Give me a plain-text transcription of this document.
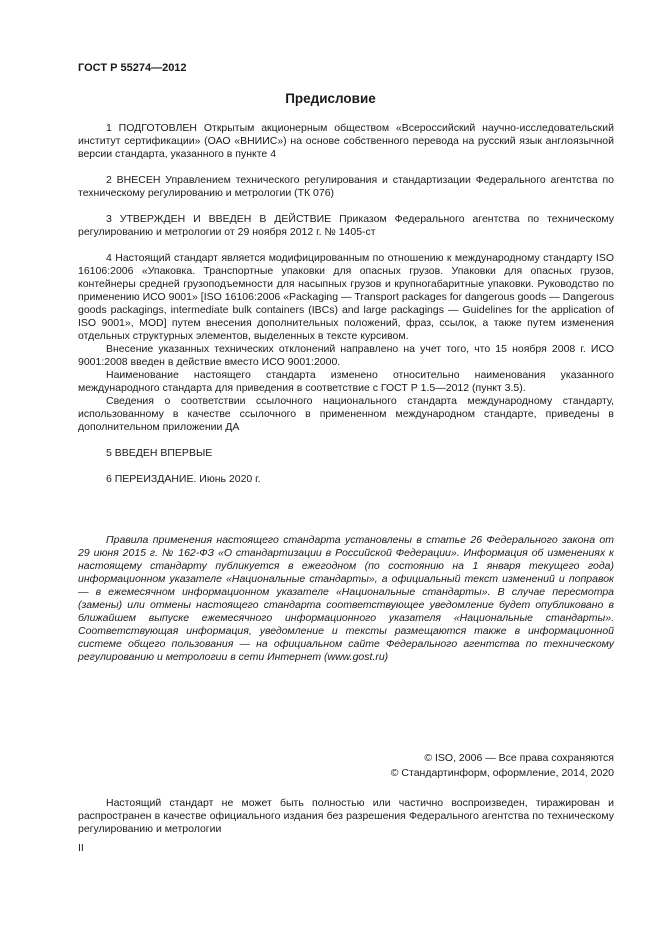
ГОСТ Р 55274—2012
Предисловие

1 ПОДГОТОВЛЕН Открытым акционерным обществом «Всероссийский научно-исследовательский институт сертификации» (ОАО «ВНИИС») на основе собственного перевода на русский язык англоязычной версии стандарта, указанного в пункте 4

2 ВНЕСЕН Управлением технического регулирования и стандартизации Федерального агентства по техническому регулированию и метрологии (ТК 076)

3 УТВЕРЖДЕН И ВВЕДЕН В ДЕЙСТВИЕ Приказом Федерального агентства по техническому регулированию и метрологии от 29 ноября 2012 г. № 1405-ст

4 Настоящий стандарт является модифицированным по отношению к международному стандарту ISO 16106:2006 «Упаковка. Транспортные упаковки для опасных грузов. Упаковки для опасных грузов, контейнеры средней грузоподъемности для насыпных грузов и крупногабаритные упаковки. Руководство по применению ИСО 9001» [ISO 16106:2006 «Packaging — Transport packages for dangerous goods — Dangerous goods packagings, intermediate bulk containers (IBCs) and large packagings — Guidelines for the application of ISO 9001», MOD] путем внесения дополнительных положений, фраз, ссылок, а также путем изменения отдельных структурных элементов, выделенных в тексте курсивом.

Внесение указанных технических отклонений направлено на учет того, что 15 ноября 2008 г. ИСО 9001:2008 введен в действие вместо ИСО 9001:2000.

Наименование настоящего стандарта изменено относительно наименования указанного международного стандарта для приведения в соответствие с ГОСТ Р 1.5—2012 (пункт 3.5).

Сведения о соответствии ссылочного национального стандарта международному стандарту, использованному в качестве ссылочного в примененном международном стандарте, приведены в дополнительном приложении ДА

5 ВВЕДЕН ВПЕРВЫЕ

6 ПЕРЕИЗДАНИЕ. Июнь 2020 г.

Правила применения настоящего стандарта установлены в статье 26 Федерального закона от 29 июня 2015 г. № 162-ФЗ «О стандартизации в Российской Федерации». Информация об изменениях к настоящему стандарту публикуется в ежегодном (по состоянию на 1 января текущего года) информационном указателе «Национальные стандарты», а официальный текст изменений и поправок — в ежемесячном информационном указателе «Национальные стандарты». В случае пересмотра (замены) или отмены настоящего стандарта соответствующее уведомление будет опубликовано в ближайшем выпуске ежемесячного информационного указателя «Национальные стандарты». Соответствующая информация, уведомление и тексты размещаются также в информационной системе общего пользования — на официальном сайте Федерального агентства по техническому регулированию и метрологии в сети Интернет (www.gost.ru)

© ISO, 2006 — Все права сохраняются
© Стандартинформ, оформление, 2014, 2020

Настоящий стандарт не может быть полностью или частично воспроизведен, тиражирован и распространен в качестве официального издания без разрешения Федерального агентства по техническому регулированию и метрологии

II
